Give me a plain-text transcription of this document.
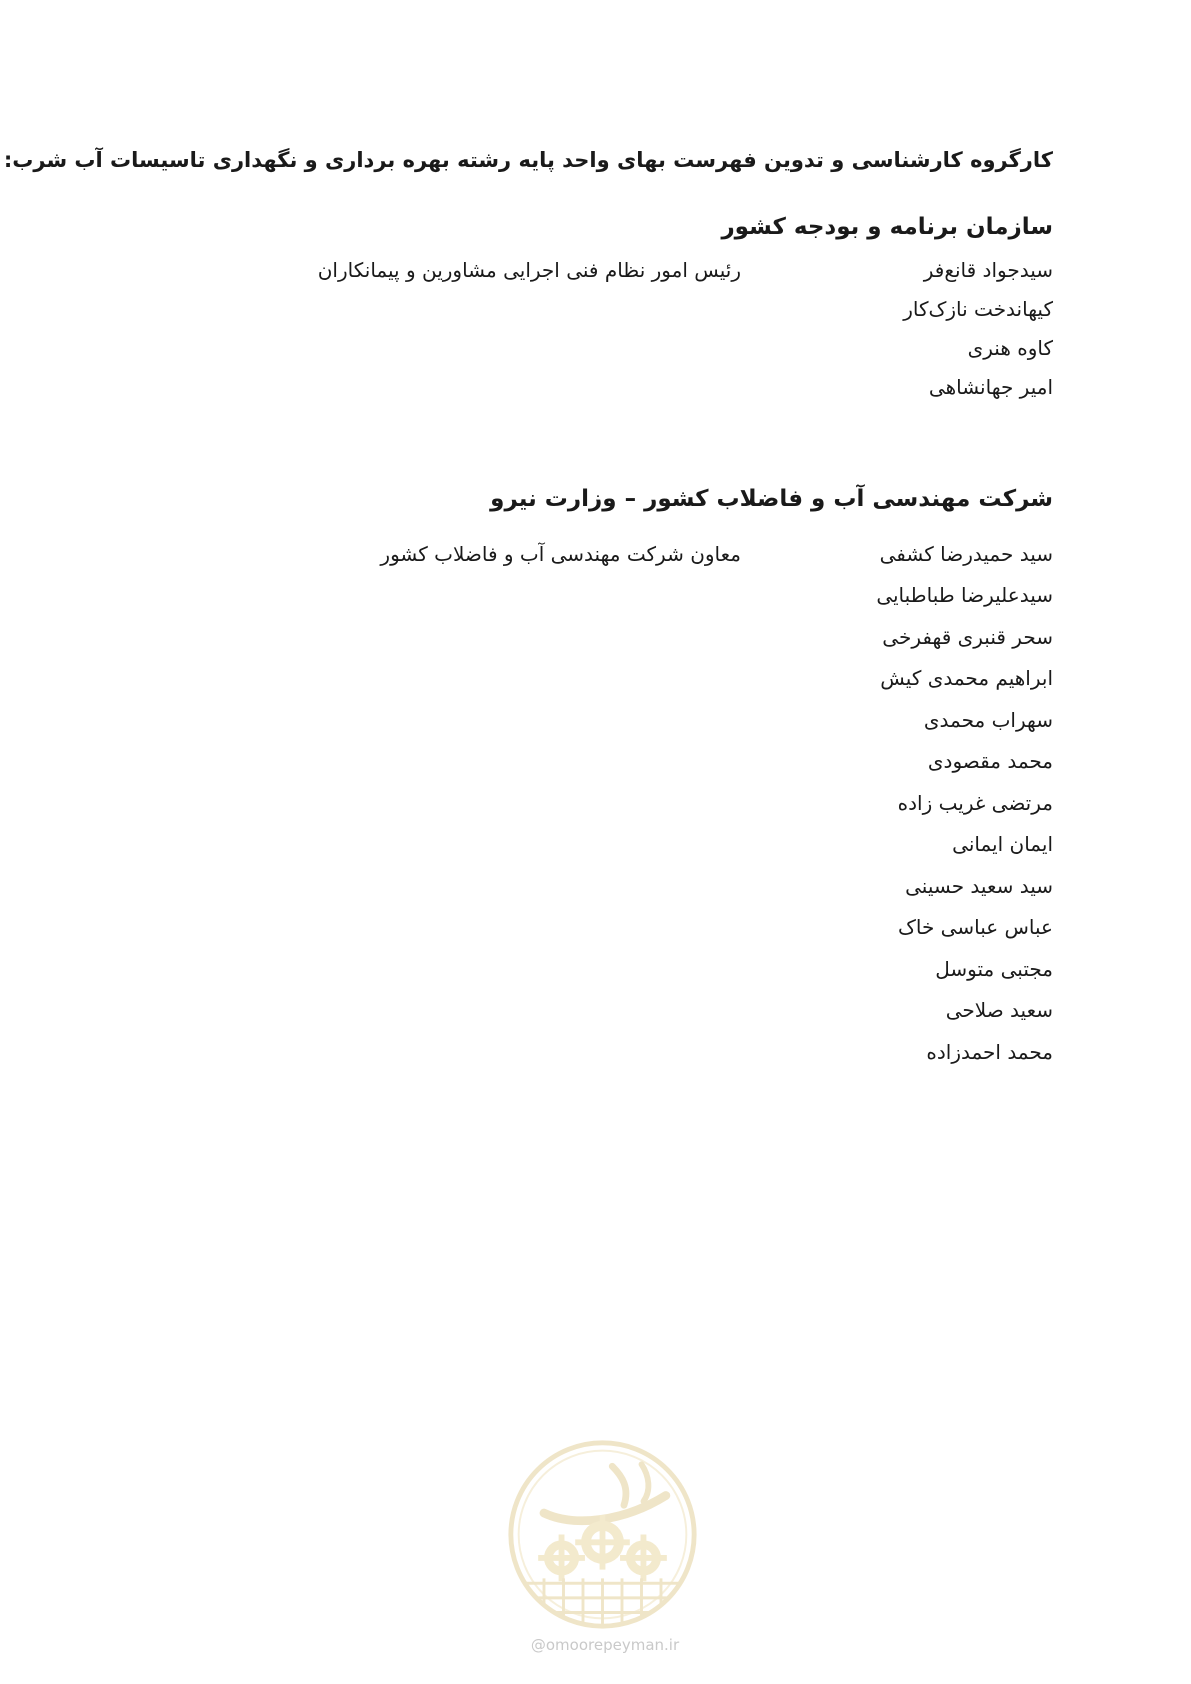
کارگروه کارشناسی و تدوین فهرست بهای واحد پایه رشته بهره برداری و نگهداری تاسیسات آب شرب:
سازمان برنامه و بودجه کشور
سیدجواد قانع‌فر
رئیس امور نظام فنی اجرایی مشاورین و پیمانکاران
کیهاندخت نازک‌کار
کاوه هنری
امیر جهانشاهی
شرکت مهندسی آب و فاضلاب کشور – وزارت نیرو
سید حمیدرضا کشفی
معاون شرکت مهندسی آب و فاضلاب کشور
سیدعلیرضا طباطبایی
سحر قنبری قهفرخی
ابراهیم محمدی کیش
سهراب محمدی
محمد مقصودی
مرتضی غریب زاده
ایمان ایمانی
سید سعید حسینی
عباس عباسی خاک
مجتبی متوسل
سعید صلاحی
محمد احمدزاده
@omoorepeyman.ir
